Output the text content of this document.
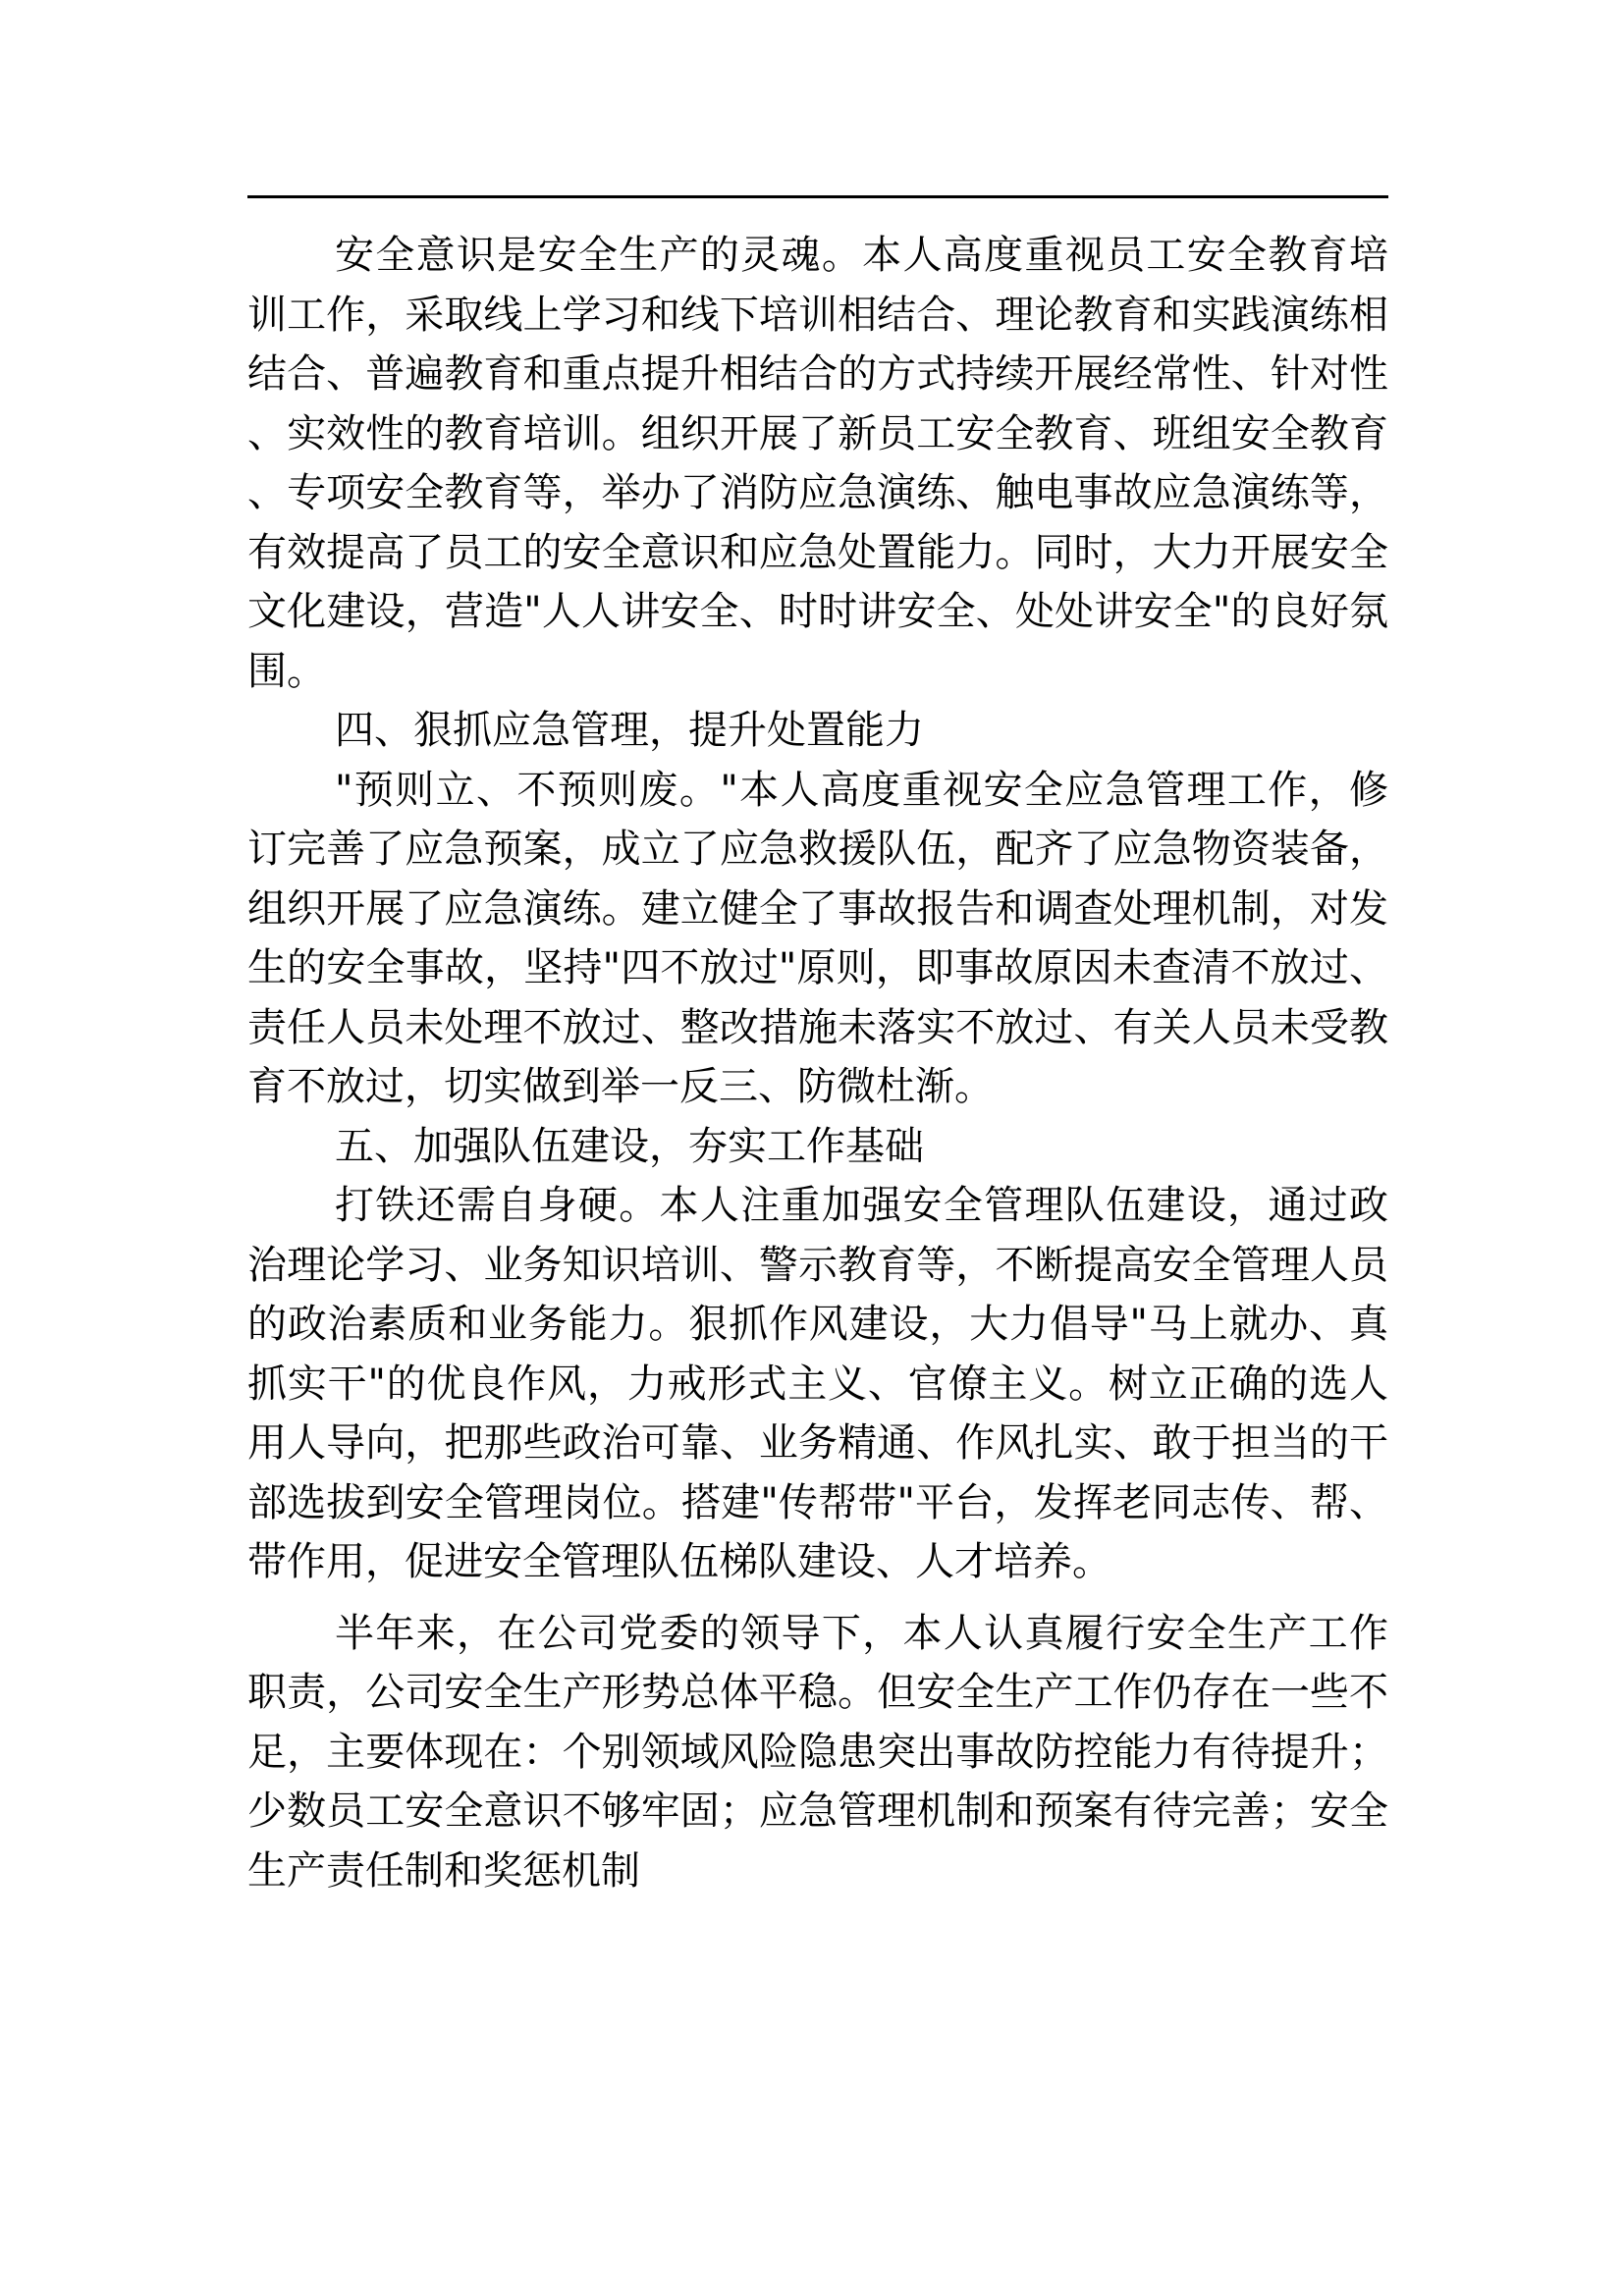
安全意识是安全生产的灵魂。本人高度重视员工安全教育培训工作，采取线上学习和线下培训相结合、理论教育和实践演练相结合、普遍教育和重点提升相结合的方式持续开展经常性、针对性、实效性的教育培训。组织开展了新员工安全教育、班组安全教育、专项安全教育等，举办了消防应急演练、触电事故应急演练等，有效提高了员工的安全意识和应急处置能力。同时，大力开展安全文化建设，营造"人人讲安全、时时讲安全、处处讲安全"的良好氛围。

四、狠抓应急管理，提升处置能力

"预则立、不预则废。"本人高度重视安全应急管理工作，修订完善了应急预案，成立了应急救援队伍，配齐了应急物资装备，组织开展了应急演练。建立健全了事故报告和调查处理机制，对发生的安全事故，坚持"四不放过"原则，即事故原因未查清不放过、责任人员未处理不放过、整改措施未落实不放过、有关人员未受教育不放过，切实做到举一反三、防微杜渐。

五、加强队伍建设，夯实工作基础

打铁还需自身硬。本人注重加强安全管理队伍建设，通过政治理论学习、业务知识培训、警示教育等，不断提高安全管理人员的政治素质和业务能力。狠抓作风建设，大力倡导"马上就办、真抓实干"的优良作风，力戒形式主义、官僚主义。树立正确的选人用人导向，把那些政治可靠、业务精通、作风扎实、敢于担当的干部选拔到安全管理岗位。搭建"传帮带"平台，发挥老同志传、帮、带作用，促进安全管理队伍梯队建设、人才培养。

半年来，在公司党委的领导下，本人认真履行安全生产工作职责，公司安全生产形势总体平稳。但安全生产工作仍存在一些不足，主要体现在：个别领域风险隐患突出事故防控能力有待提升；少数员工安全意识不够牢固；应急管理机制和预案有待完善；安全生产责任制和奖惩机制
